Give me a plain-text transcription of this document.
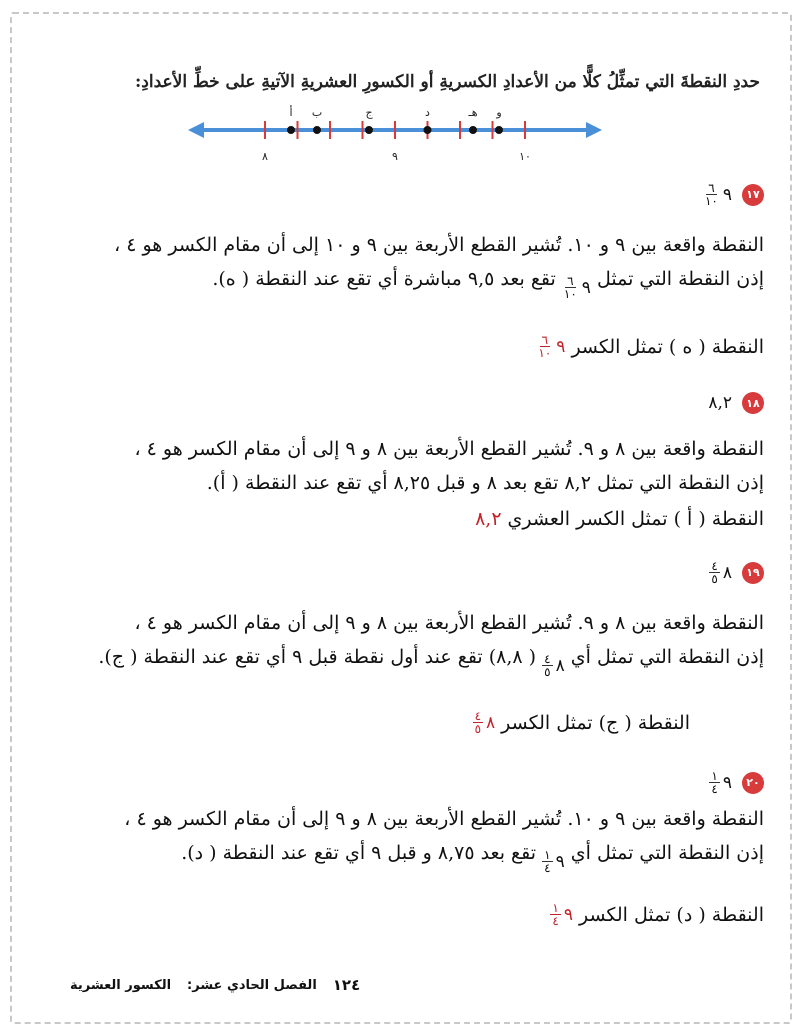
حددِ النقطةَ التي تمثِّلُ كلًّا من الأعدادِ الكسريةِ أو الكسورِ العشريةِ الآتيةِ على خطِّ الأعدادِ:
٨	٩	١٠
أ ب	ج	د	هـ و
١٧
$\frac{٦}{١٠}$ ٩
النقطة واقعة بين ٩ و ١٠. تُشير القطع الأربعة بين ٩ و ١٠ إلى أن مقام الكسر هو ٤ ،
إذن النقطة التي تمثل
$\frac{٦}{١٠}$ ٩
تقع بعد ٩,٥ مباشرة أي تقع عند النقطة ( ه).
النقطة ( ه ) تمثل الكسر
$\frac{٦}{١٠}$ ٩
١٨
٨,٢
النقطة واقعة بين ٨ و ٩. تُشير القطع الأربعة بين ٨ و ٩ إلى أن مقام الكسر هو ٤ ،
إذن النقطة التي تمثل ٨,٢ تقع بعد ٨ و قبل ٨,٢٥ أي تقع عند النقطة ( أ).
النقطة ( أ ) تمثل الكسر العشري
٨,٢
١٩
$\frac{٤}{٥}$ ٨
النقطة واقعة بين ٨ و ٩. تُشير القطع الأربعة بين ٨ و ٩ إلى أن مقام الكسر هو ٤ ،
إذن النقطة التي تمثل أي
$\frac{٤}{٥}$ ٨
( ٨,٨) تقع عند أول نقطة قبل ٩ أي تقع عند النقطة ( ج).
النقطة ( ج) تمثل الكسر
$\frac{٤}{٥}$ ٨
٢٠
$\frac{١}{٤}$ ٩
النقطة واقعة بين ٩ و ١٠. تُشير القطع الأربعة بين ٨ و ٩ إلى أن مقام الكسر هو ٤ ،
إذن النقطة التي تمثل أي
$\frac{١}{٤}$ ٩
تقع بعد ٨,٧٥ و قبل ٩ أي تقع عند النقطة ( د).
النقطة ( د) تمثل الكسر
$\frac{١}{٤}$ ٩
١٢٤
الفصل الحادي عشر:
الكسور العشرية
